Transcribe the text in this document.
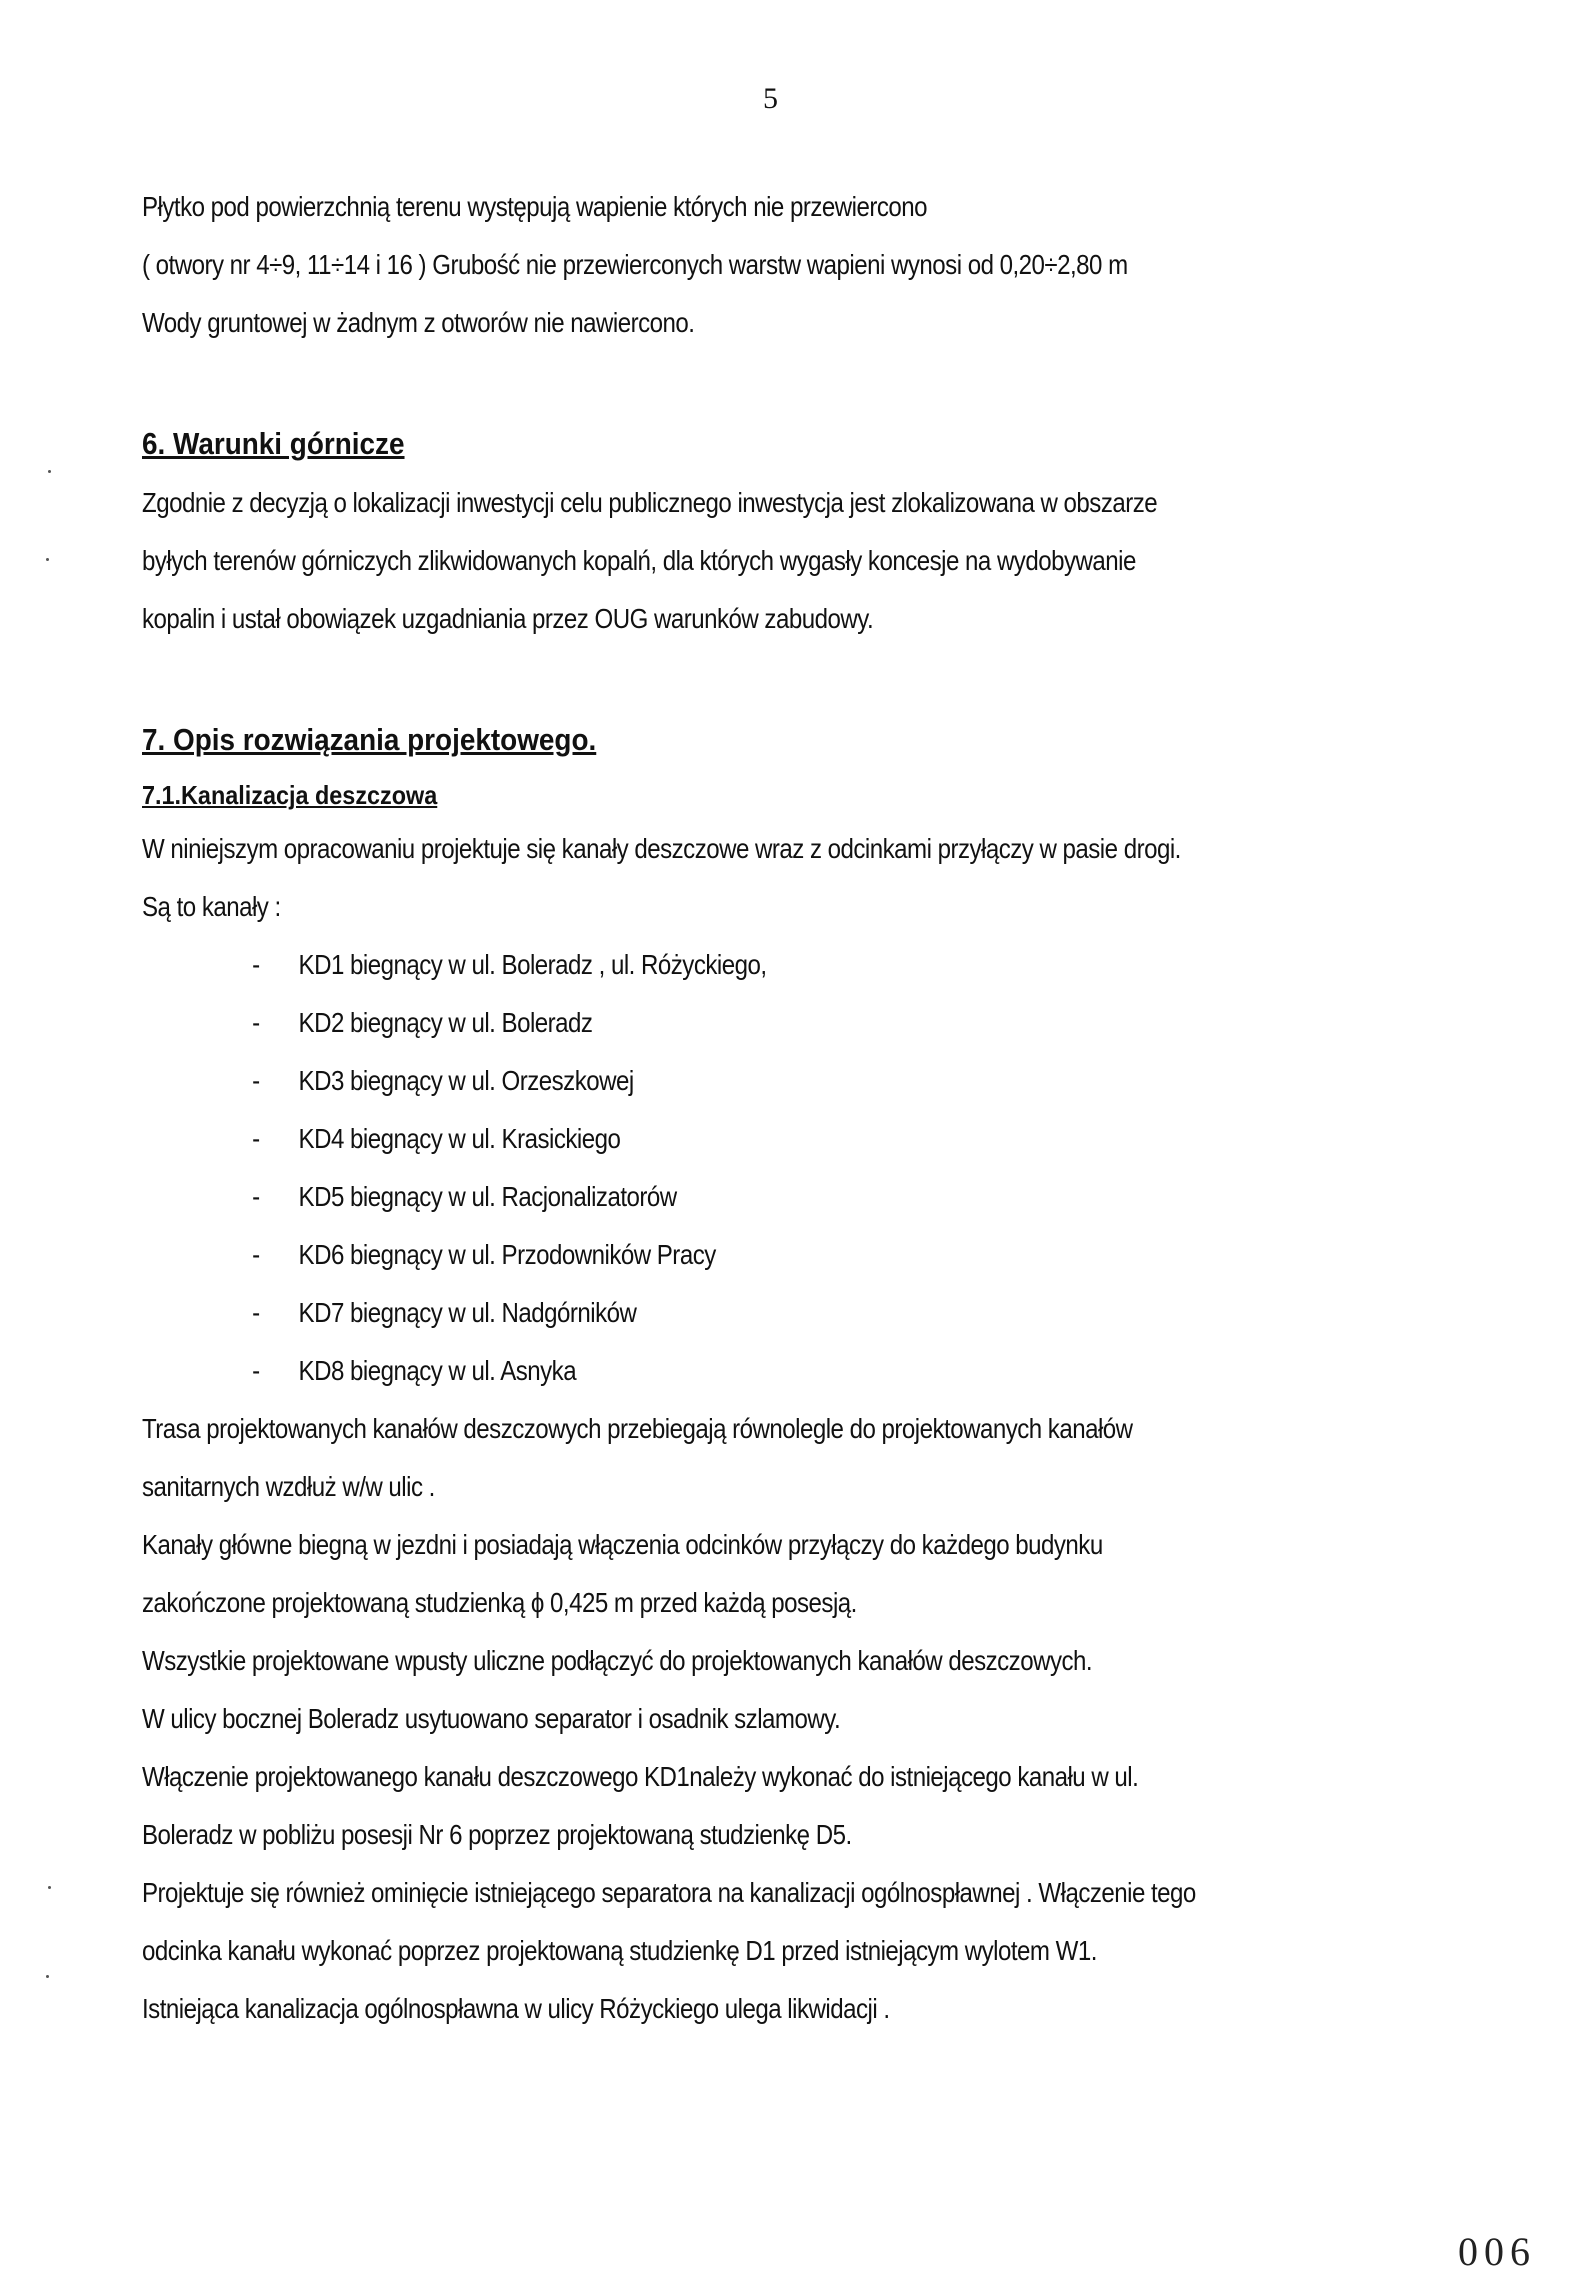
5
Płytko pod powierzchnią terenu występują wapienie których nie przewiercono
( otwory nr 4÷9, 11÷14 i 16 ) Grubość nie przewierconych warstw wapieni wynosi od 0,20÷2,80 m
Wody gruntowej w żadnym z otworów nie nawiercono.
6. Warunki górnicze
Zgodnie z decyzją o lokalizacji inwestycji celu publicznego inwestycja jest zlokalizowana w obszarze
byłych terenów górniczych zlikwidowanych kopalń, dla których wygasły koncesje na wydobywanie
kopalin i ustał obowiązek uzgadniania przez OUG warunków zabudowy.
7. Opis rozwiązania projektowego.
7.1.Kanalizacja deszczowa
W niniejszym opracowaniu projektuje się kanały deszczowe wraz z odcinkami przyłączy w pasie drogi.
Są to kanały :
- KD1 biegnący w ul. Boleradz , ul. Różyckiego,
- KD2 biegnący w ul. Boleradz
- KD3 biegnący w ul. Orzeszkowej
- KD4 biegnący w ul. Krasickiego
- KD5 biegnący w ul. Racjonalizatorów
- KD6 biegnący w ul. Przodowników Pracy
- KD7 biegnący w ul. Nadgórników
- KD8 biegnący w ul. Asnyka
Trasa projektowanych kanałów deszczowych przebiegają równolegle do projektowanych kanałów
sanitarnych wzdłuż w/w ulic .
Kanały główne biegną w jezdni i posiadają włączenia odcinków przyłączy do każdego budynku
zakończone projektowaną studzienką ϕ 0,425 m przed każdą posesją.
Wszystkie projektowane wpusty uliczne podłączyć do projektowanych kanałów deszczowych.
W ulicy bocznej Boleradz usytuowano separator i osadnik szlamowy.
Włączenie projektowanego kanału deszczowego KD1należy wykonać do istniejącego kanału w ul.
Boleradz w pobliżu posesji Nr 6 poprzez projektowaną studzienkę D5.
Projektuje się również ominięcie istniejącego separatora na kanalizacji ogólnospławnej . Włączenie tego
odcinka kanału wykonać poprzez projektowaną studzienkę D1 przed istniejącym wylotem W1.
Istniejąca kanalizacja ogólnospławna w ulicy Różyckiego ulega likwidacji .
006
